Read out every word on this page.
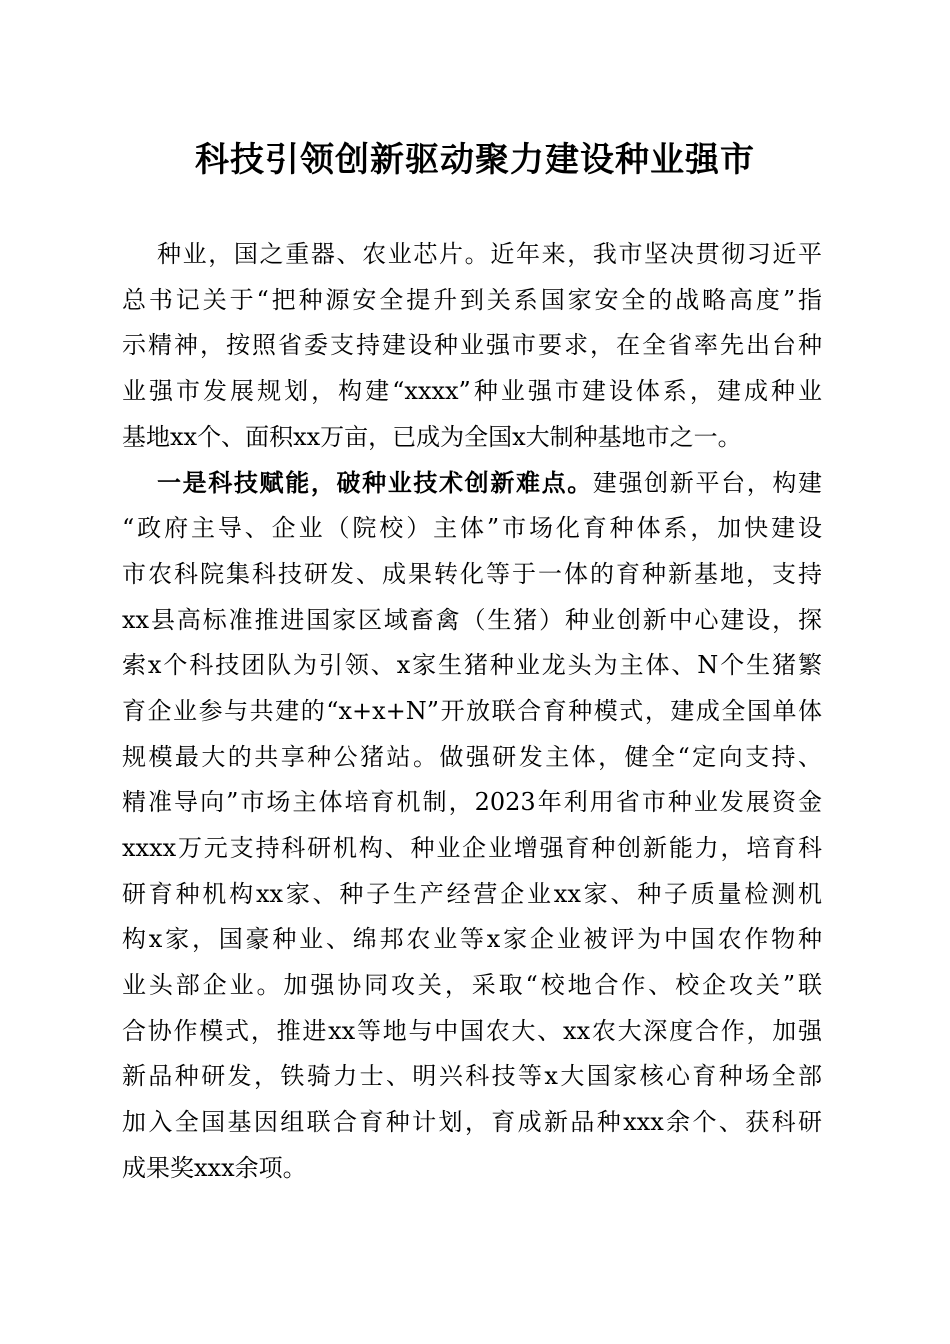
科技引领创新驱动聚力建设种业强市
种业，国之重器、农业芯片。近年来，我市坚决贯彻习近平
总书记关于“把种源安全提升到关系国家安全的战略高度”指
示精神，按照省委支持建设种业强市要求，在全省率先出台种
业强市发展规划，构建“xxxx”种业强市建设体系，建成种业
基地xx个、面积xx万亩，已成为全国x大制种基地市之一。
一是科技赋能，破种业技术创新难点。建强创新平台，构建
“政府主导、企业（院校）主体”市场化育种体系，加快建设
市农科院集科技研发、成果转化等于一体的育种新基地，支持
xx县高标准推进国家区域畜禽（生猪）种业创新中心建设，探
索x个科技团队为引领、x家生猪种业龙头为主体、N个生猪繁
育企业参与共建的“x+x+N”开放联合育种模式，建成全国单体
规模最大的共享种公猪站。做强研发主体，健全“定向支持、
精准导向”市场主体培育机制，2023年利用省市种业发展资金
xxxx万元支持科研机构、种业企业增强育种创新能力，培育科
研育种机构xx家、种子生产经营企业xx家、种子质量检测机
构x家，国豪种业、绵邦农业等x家企业被评为中国农作物种
业头部企业。加强协同攻关，采取“校地合作、校企攻关”联
合协作模式，推进xx等地与中国农大、xx农大深度合作，加强
新品种研发，铁骑力士、明兴科技等x大国家核心育种场全部
加入全国基因组联合育种计划，育成新品种xxx余个、获科研
成果奖xxx余项。
